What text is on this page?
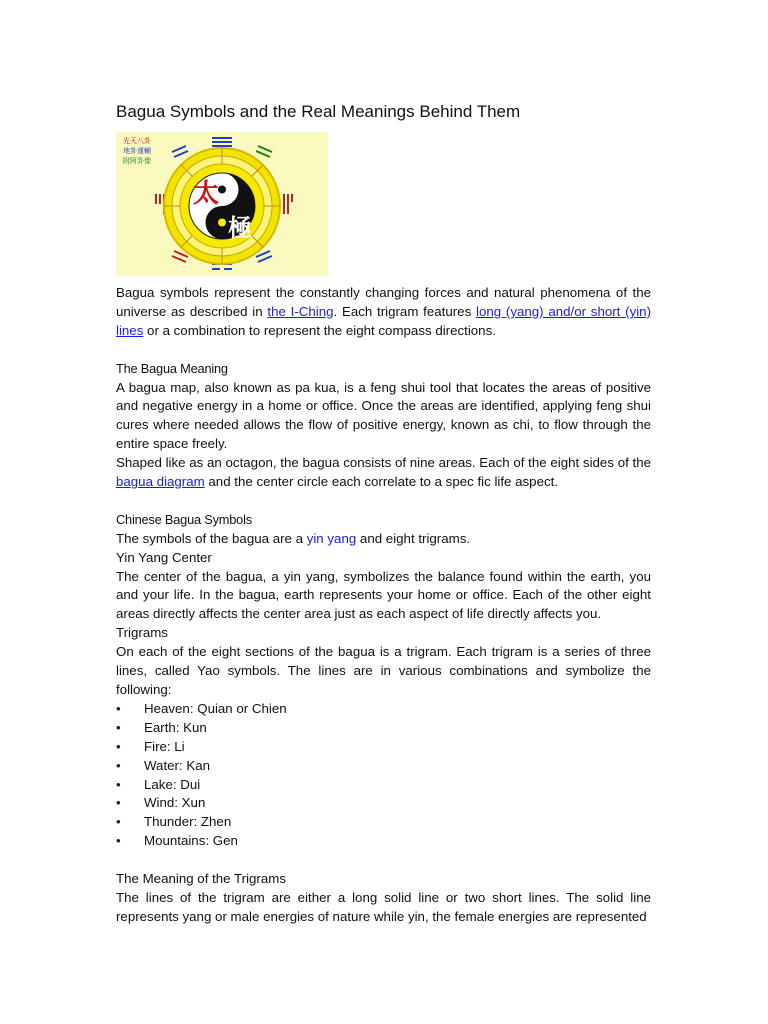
Bagua Symbols and the Real Meanings Behind Them
先天八卦
地卦運輔
附阿卦像
太
極

Bagua symbols represent the constantly changing forces and natural phenomena of the universe as described in the I-Ching. Each trigram features long (yang) and/or short (yin) lines or a combination to represent the eight compass directions.

The Bagua Meaning

A bagua map, also known as pa kua, is a feng shui tool that locates the areas of positive and negative energy in a home or office. Once the areas are identified, applying feng shui cures where needed allows the flow of positive energy, known as chi, to flow through the entire space freely.

Shaped like as an octagon, the bagua consists of nine areas. Each of the eight sides of the bagua diagram and the center circle each correlate to a spec fic life aspect.

Chinese Bagua Symbols

The symbols of the bagua are a yin yang and eight trigrams.

Yin Yang Center

The center of the bagua, a yin yang, symbolizes the balance found within the earth, you and your life. In the bagua, earth represents your home or office. Each of the other eight areas directly affects the center area just as each aspect of life directly affects you.

Trigrams

On each of the eight sections of the bagua is a trigram. Each trigram is a series of three lines, called Yao symbols. The lines are in various combinations and symbolize the following:

• Heaven: Quian or Chien
• Earth: Kun
• Fire: Li
• Water: Kan
• Lake: Dui
• Wind: Xun
• Thunder: Zhen
• Mountains: Gen

The Meaning of the Trigrams

The lines of the trigram are either a long solid line or two short lines. The solid line represents yang or male energies of nature while yin, the female energies are represented
